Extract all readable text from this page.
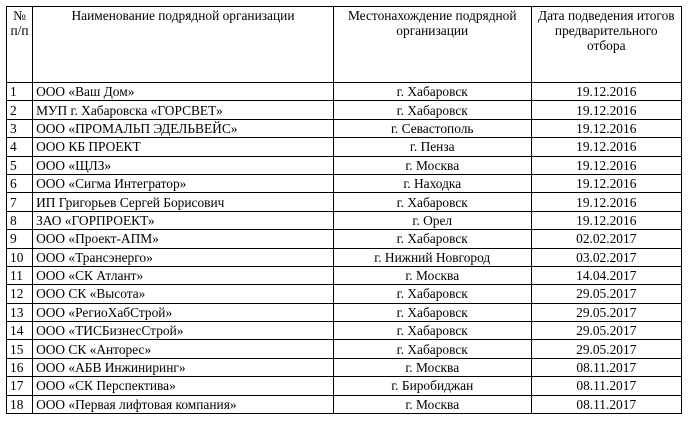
№ п/п	Наименование подрядной организации	Местонахождение подрядной организации	Дата подведения итогов предварительного отбора
1	ООО «Ваш Дом»	г. Хабаровск	19.12.2016
2	МУП г. Хабаровска «ГОРСВЕТ»	г. Хабаровск	19.12.2016
3	ООО «ПРОМАЛЬП ЭДЕЛЬВЕЙС»	г. Севастополь	19.12.2016
4	ООО КБ ПРОЕКТ	г. Пенза	19.12.2016
5	ООО «ЩЛЗ»	г. Москва	19.12.2016
6	ООО «Сигма Интегратор»	г. Находка	19.12.2016
7	ИП Григорьев Сергей Борисович	г. Хабаровск	19.12.2016
8	ЗАО «ГОРПРОЕКТ»	г. Орел	19.12.2016
9	ООО «Проект-АПМ»	г. Хабаровск	02.02.2017
10	ООО «Трансэнерго»	г. Нижний Новгород	03.02.2017
11	ООО «СК Атлант»	г. Москва	14.04.2017
12	ООО СК «Высота»	г. Хабаровск	29.05.2017
13	ООО «РегиоХабСтрой»	г. Хабаровск	29.05.2017
14	ООО «ТИСБизнесСтрой»	г. Хабаровск	29.05.2017
15	ООО СК «Анторес»	г. Хабаровск	29.05.2017
16	ООО «АБВ Инжиниринг»	г. Москва	08.11.2017
17	ООО «СК Перспектива»	г. Биробиджан	08.11.2017
18	ООО «Первая лифтовая компания»	г. Москва	08.11.2017
